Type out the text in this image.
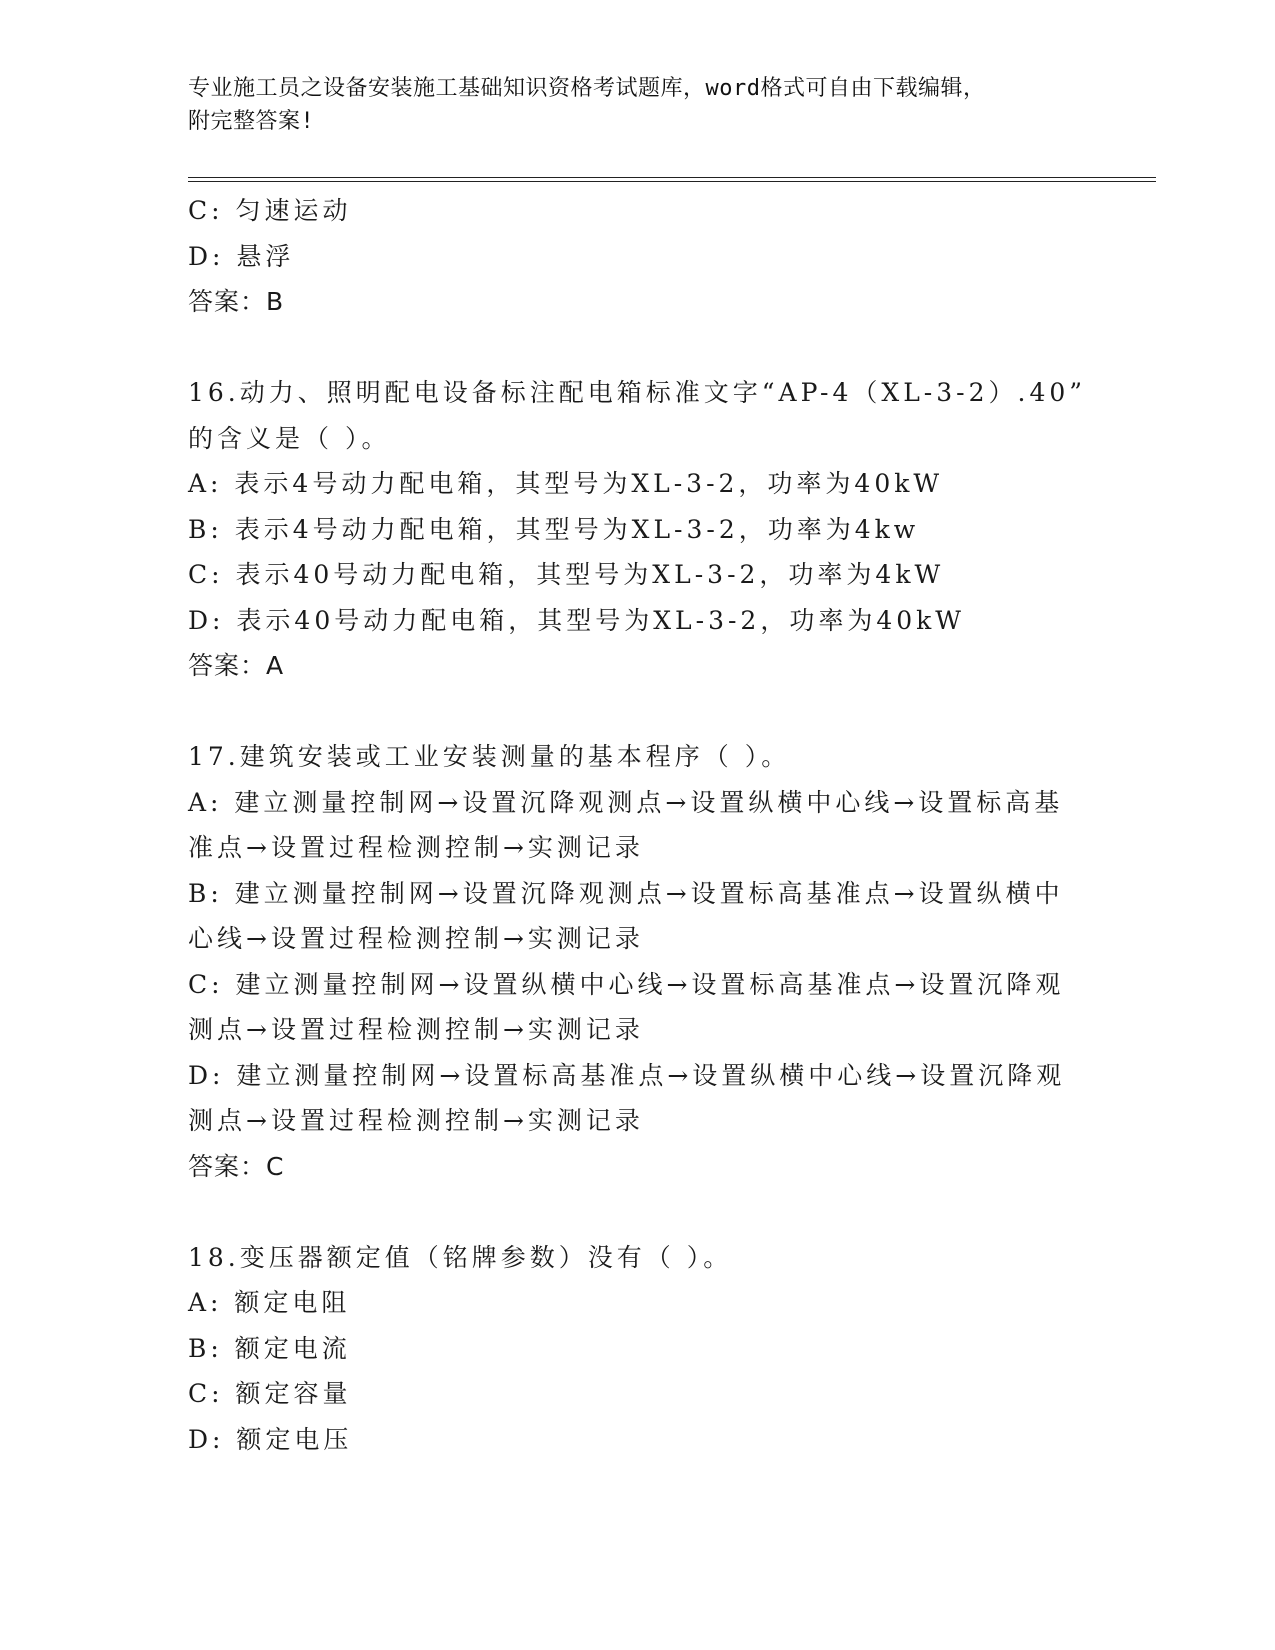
专业施工员之设备安装施工基础知识资格考试题库，word格式可自由下载编辑，
附完整答案!
C: 匀速运动
D: 悬浮
答案：B
16.动力、照明配电设备标注配电箱标准文字“AP-4（XL-3-2）.40”
的含义是（ ）。
A: 表示4号动力配电箱，其型号为XL-3-2，功率为40kW
B: 表示4号动力配电箱，其型号为XL-3-2，功率为4kw
C: 表示40号动力配电箱，其型号为XL-3-2，功率为4kW
D: 表示40号动力配电箱，其型号为XL-3-2，功率为40kW
答案：A
17.建筑安装或工业安装测量的基本程序（ ）。
A: 建立测量控制网→设置沉降观测点→设置纵横中心线→设置标高基
准点→设置过程检测控制→实测记录
B: 建立测量控制网→设置沉降观测点→设置标高基准点→设置纵横中
心线→设置过程检测控制→实测记录
C: 建立测量控制网→设置纵横中心线→设置标高基准点→设置沉降观
测点→设置过程检测控制→实测记录
D: 建立测量控制网→设置标高基准点→设置纵横中心线→设置沉降观
测点→设置过程检测控制→实测记录
答案：C
18.变压器额定值（铭牌参数）没有（ ）。
A: 额定电阻
B: 额定电流
C: 额定容量
D: 额定电压
